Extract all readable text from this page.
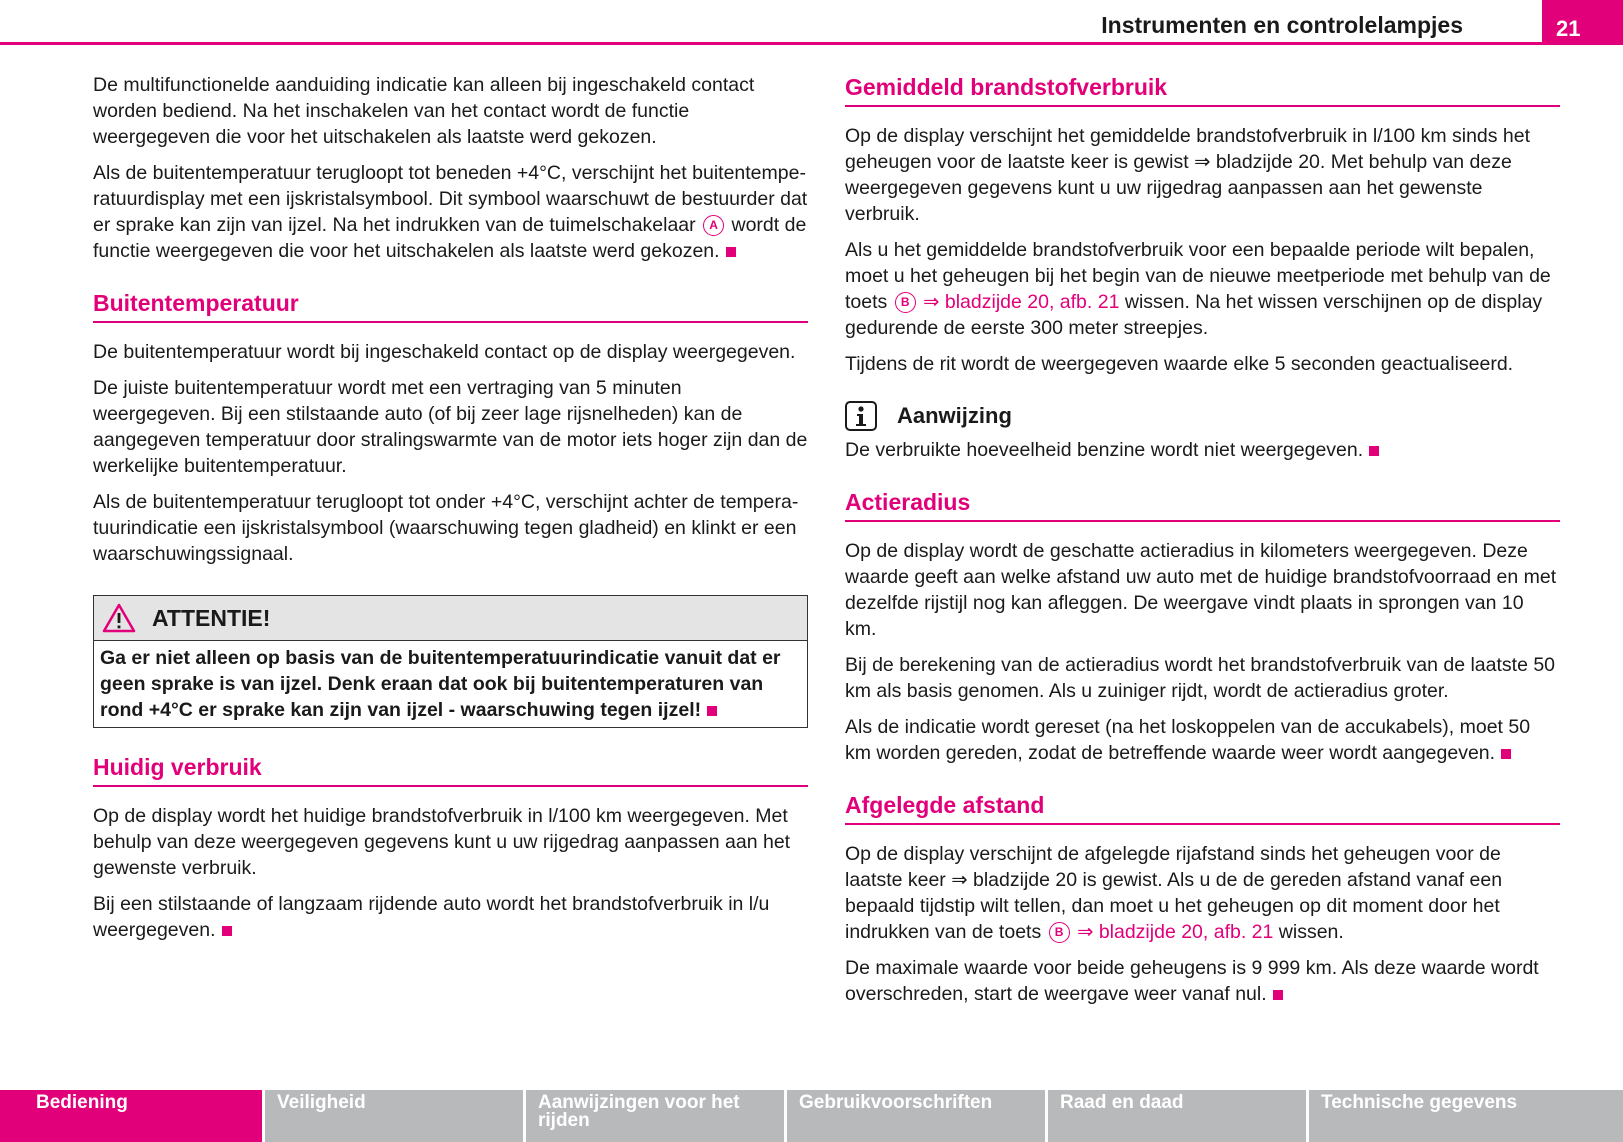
Instrumenten en controlelampjes	21

De multifunctionelde aanduiding indicatie kan alleen bij ingeschakeld contact worden bediend. Na het inschakelen van het contact wordt de functie weergegeven die voor het uitschakelen als laatste werd gekozen.

Als de buitentemperatuur terugloopt tot beneden +4°C, verschijnt het buitentemperatuurdisplay met een ijskristalsymbool. Dit symbool waarschuwt de bestuurder dat er sprake kan zijn van ijzel. Na het indrukken van de tuimelschakelaar A wordt de functie weergegeven die voor het uitschakelen als laatste werd gekozen.

Buitentemperatuur

De buitentemperatuur wordt bij ingeschakeld contact op de display weergegeven.

De juiste buitentemperatuur wordt met een vertraging van 5 minuten weergegeven. Bij een stilstaande auto (of bij zeer lage rijsnelheden) kan de aangegeven temperatuur door stralingswarmte van de motor iets hoger zijn dan de werkelijke buitentemperatuur.

Als de buitentemperatuur terugloopt tot onder +4°C, verschijnt achter de temperatuurindicatie een ijskristalsymbool (waarschuwing tegen gladheid) en klinkt er een waarschuwingssignaal.

ATTENTIE!
Ga er niet alleen op basis van de buitentemperatuurindicatie vanuit dat er geen sprake is van ijzel. Denk eraan dat ook bij buitentemperaturen van rond +4°C er sprake kan zijn van ijzel - waarschuwing tegen ijzel!
Huidig verbruik

Op de display wordt het huidige brandstofverbruik in l/100 km weergegeven. Met behulp van deze weergegeven gegevens kunt u uw rijgedrag aanpassen aan het gewenste verbruik.

Bij een stilstaande of langzaam rijdende auto wordt het brandstofverbruik in l/u weergegeven.

Gemiddeld brandstofverbruik

Op de display verschijnt het gemiddelde brandstofverbruik in l/100 km sinds het geheugen voor de laatste keer is gewist ⇒ bladzijde 20. Met behulp van deze weergegeven gegevens kunt u uw rijgedrag aanpassen aan het gewenste verbruik.

Als u het gemiddelde brandstofverbruik voor een bepaalde periode wilt bepalen, moet u het geheugen bij het begin van de nieuwe meetperiode met behulp van de toets B ⇒ bladzijde 20, afb. 21 wissen. Na het wissen verschijnen op de display gedurende de eerste 300 meter streepjes.

Tijdens de rit wordt de weergegeven waarde elke 5 seconden geactualiseerd.

Aanwijzing

De verbruikte hoeveelheid benzine wordt niet weergegeven.

Actieradius

Op de display wordt de geschatte actieradius in kilometers weergegeven. Deze waarde geeft aan welke afstand uw auto met de huidige brandstofvoorraad en met dezelfde rijstijl nog kan afleggen. De weergave vindt plaats in sprongen van 10 km.

Bij de berekening van de actieradius wordt het brandstofverbruik van de laatste 50 km als basis genomen. Als u zuiniger rijdt, wordt de actieradius groter.

Als de indicatie wordt gereset (na het loskoppelen van de accukabels), moet 50 km worden gereden, zodat de betreffende waarde weer wordt aangegeven.

Afgelegde afstand

Op de display verschijnt de afgelegde rijafstand sinds het geheugen voor de laatste keer ⇒ bladzijde 20 is gewist. Als u de de gereden afstand vanaf een bepaald tijdstip wilt tellen, dan moet u het geheugen op dit moment door het indrukken van de toets B ⇒ bladzijde 20, afb. 21 wissen.

De maximale waarde voor beide geheugens is 9 999 km. Als deze waarde wordt overschreden, start de weergave weer vanaf nul.

Bediening	Veiligheid	Aanwijzingen voor het rijden
Gebruikvoorschriften	Raad en daad	Technische gegevens
